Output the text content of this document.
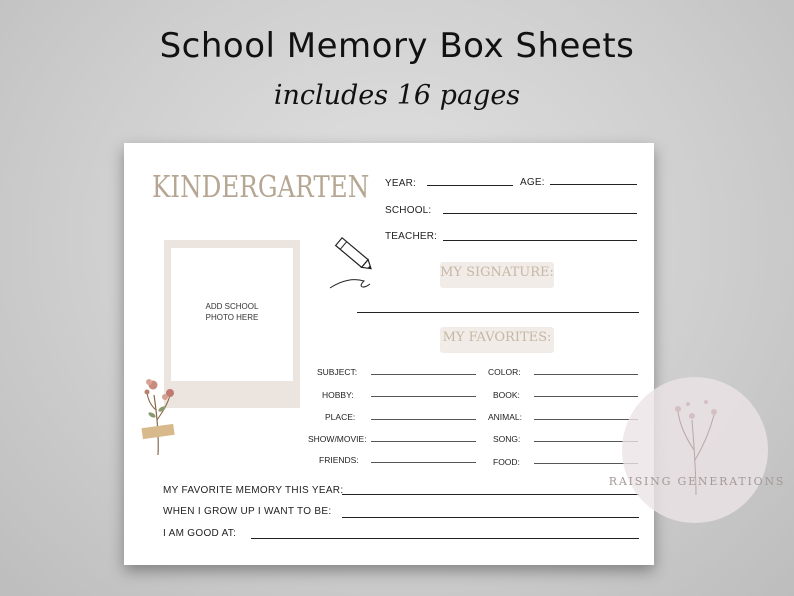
School Memory Box Sheets
includes 16 pages
KINDERGARTEN YEAR:	AGE:
SCHOOL:
TEACHER:
ADD SCHOOL
PHOTO HERE
MY SIGNATURE:
MY FAVORITES:
SUBJECT:
HOBBY:
PLACE:
SHOW/MOVIE:
FRIENDS:
COLOR:
BOOK:
ANIMAL:
SONG:
FOOD:
MY FAVORITE MEMORY THIS YEAR:
WHEN I GROW UP I WANT TO BE:
I AM GOOD AT:
RAISING GENERATIONS
